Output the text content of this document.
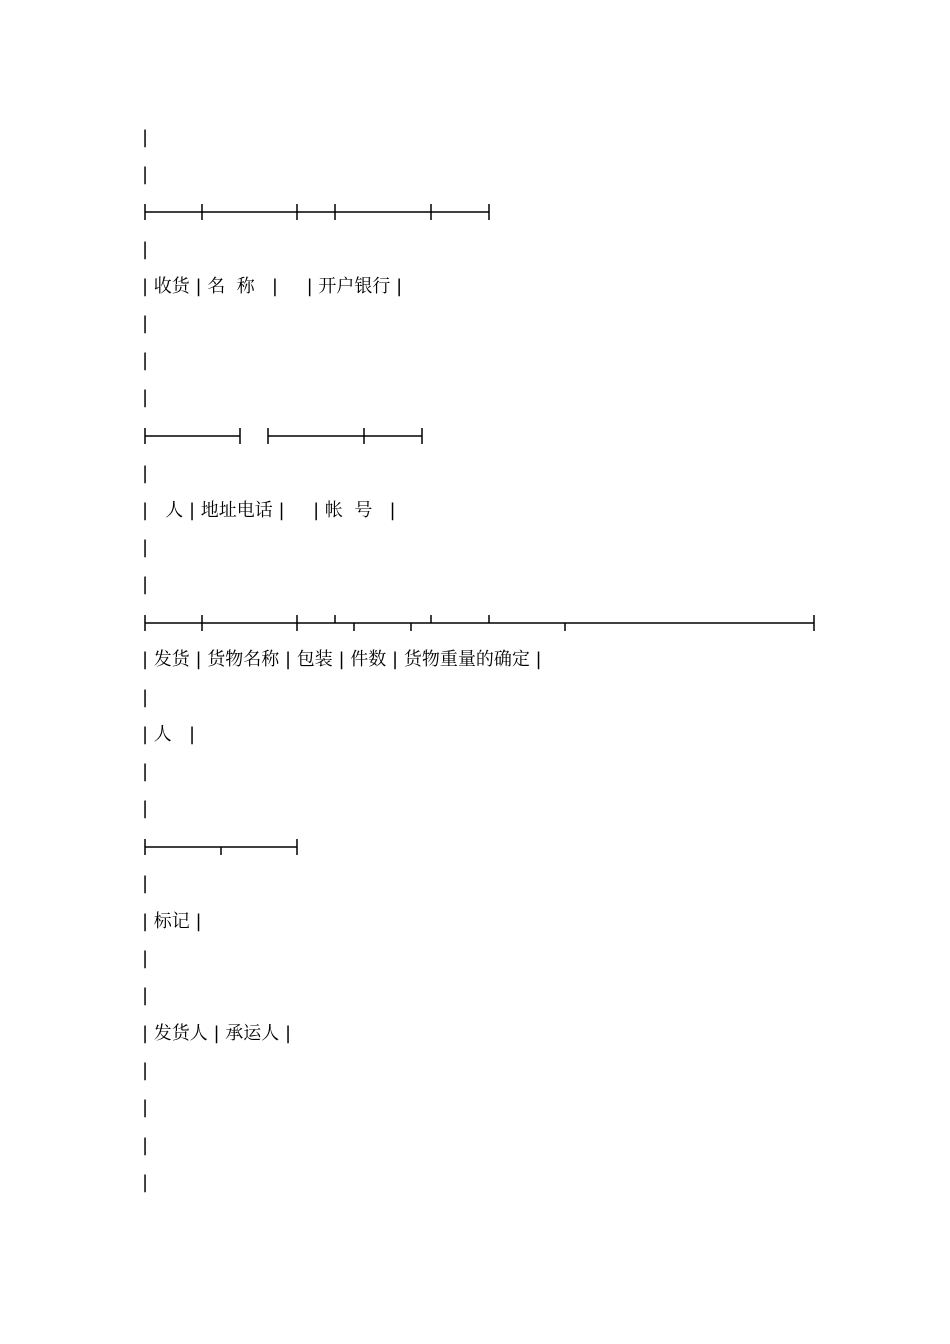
|
|
|
| 收货 | 名  称   |     | 开户银行 |
|
|
|
|
|   人 | 地址电话 |     | 帐  号   |
|
|
| 发货 | 货物名称 | 包装 | 件数 | 货物重量的确定 |
|
| 人   |
|
|
|
| 标记 |
|
|
| 发货人 | 承运人 |
|
|
|
|
